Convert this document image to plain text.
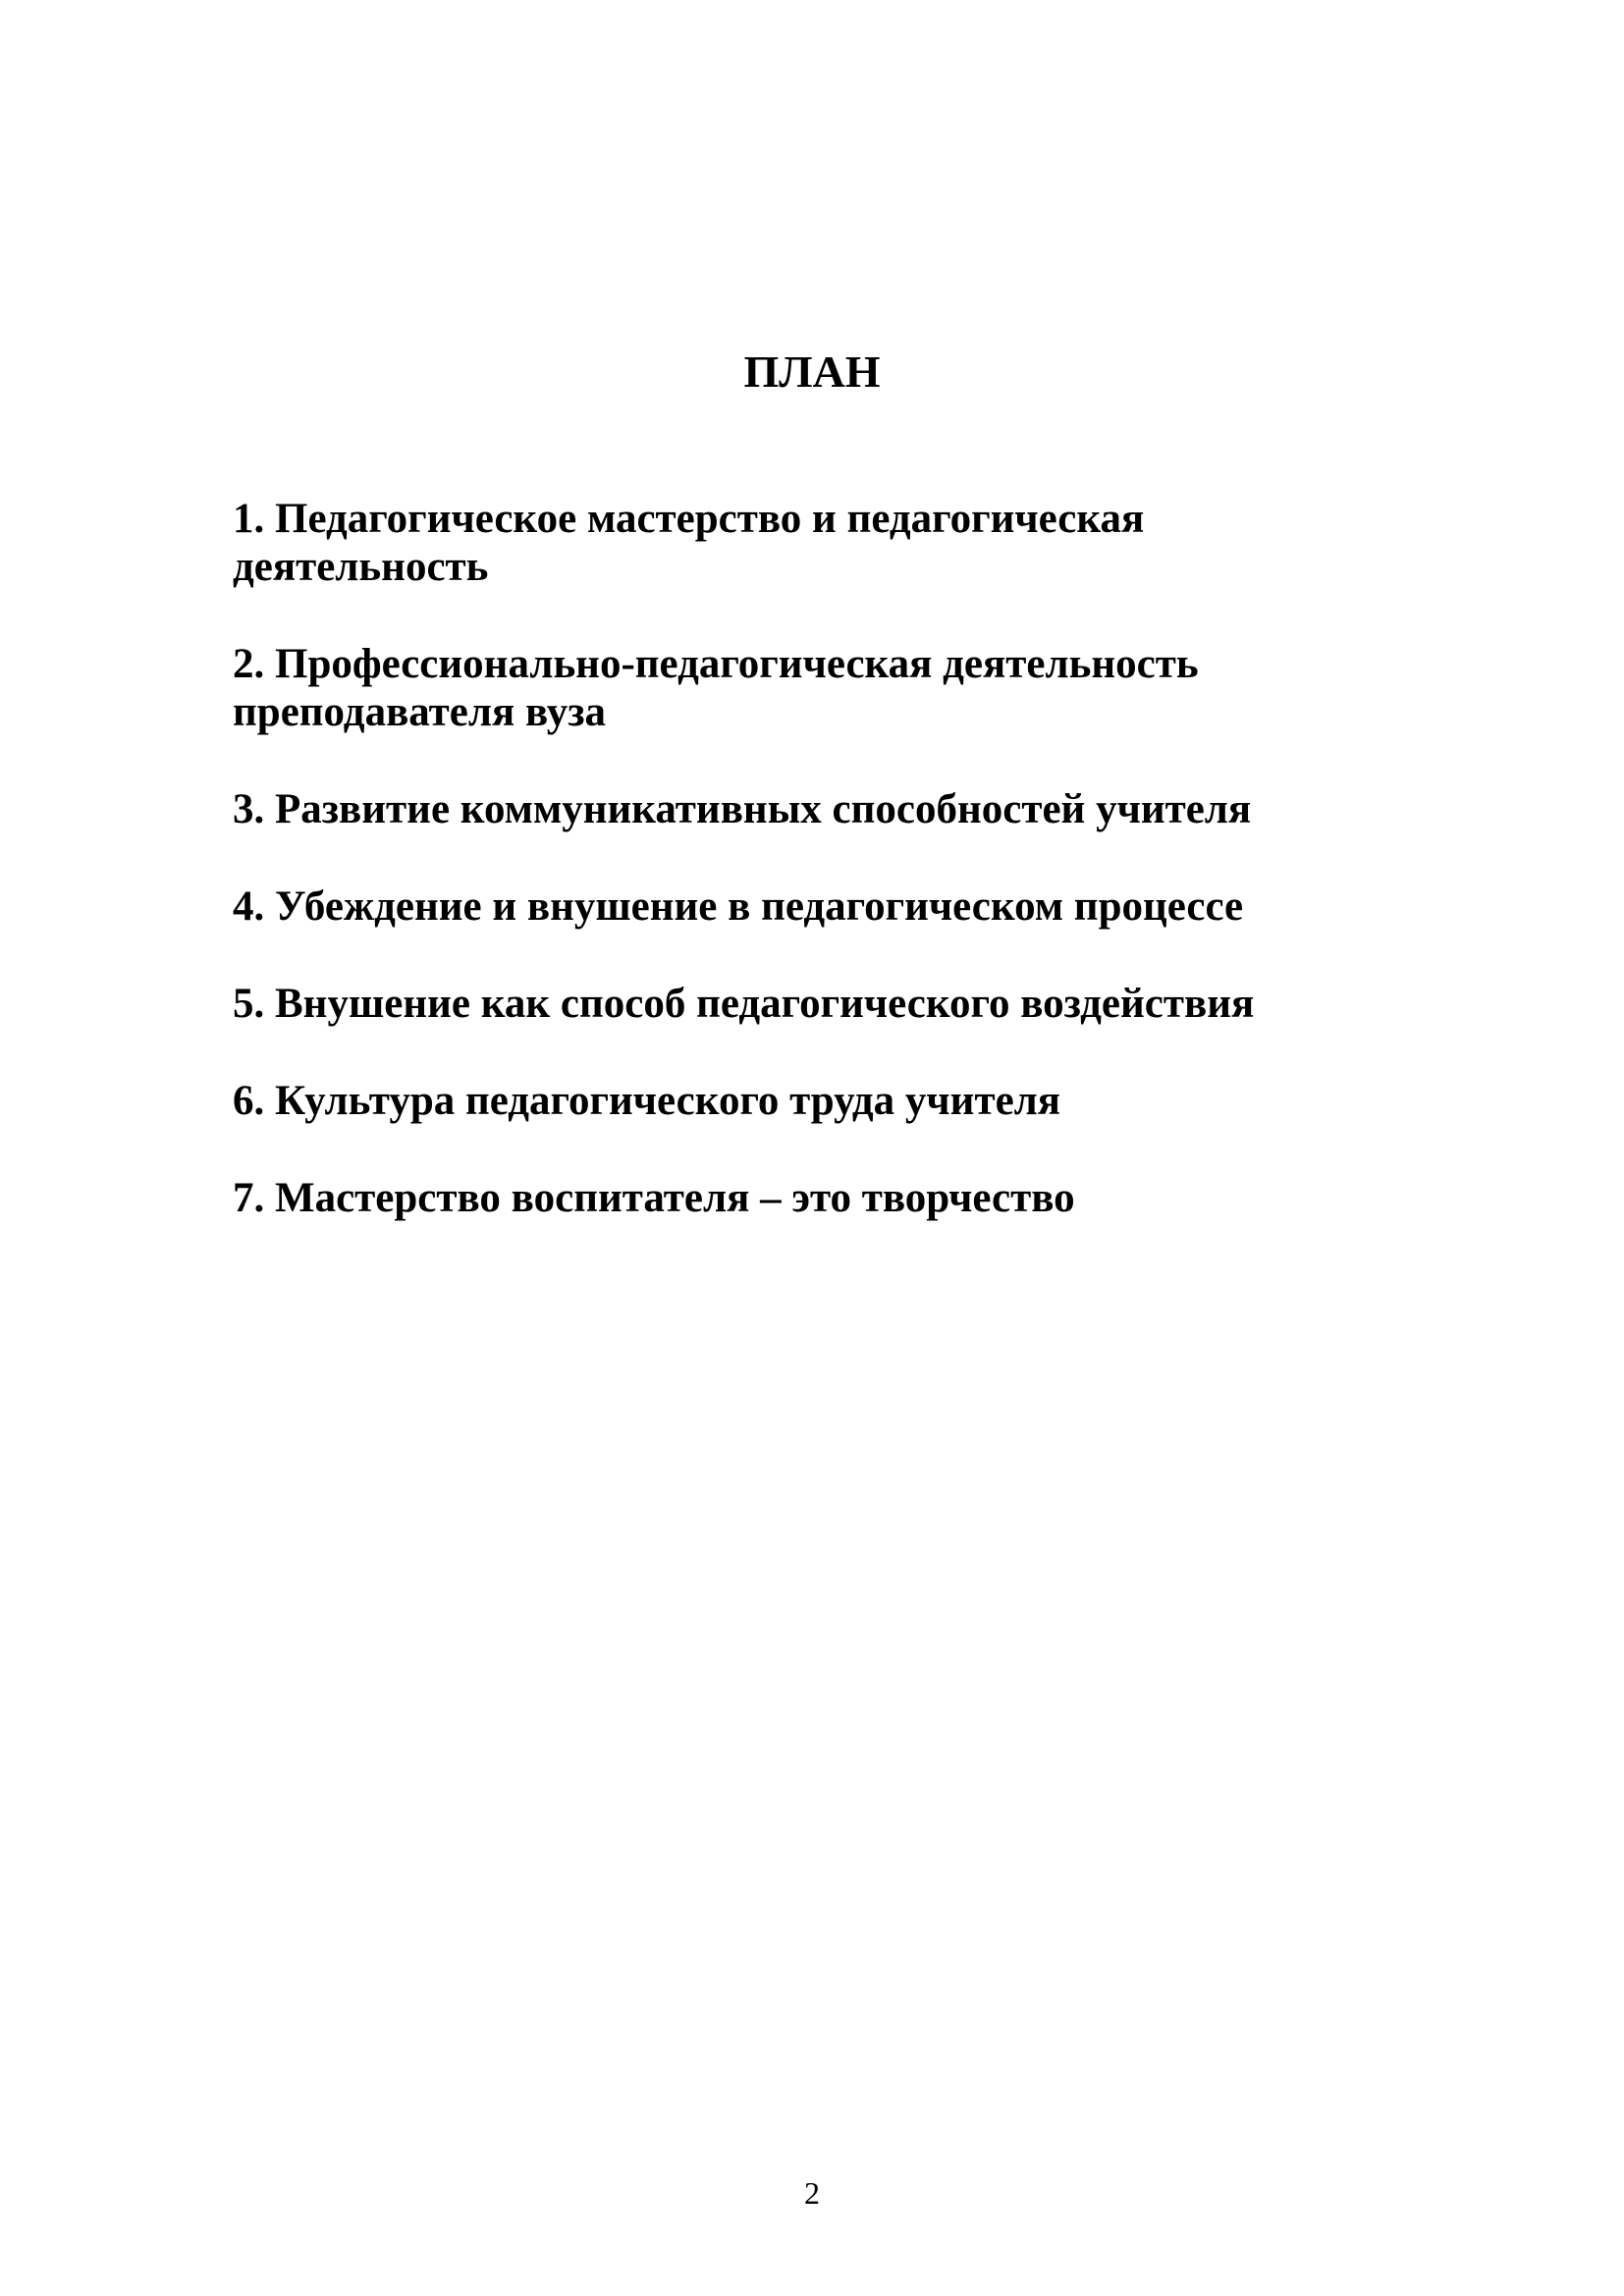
ПЛАН
1. Педагогическое мастерство и педагогическая
деятельность
2. Профессионально-педагогическая деятельность
преподавателя вуза
3. Развитие коммуникативных способностей учителя
4. Убеждение и внушение в педагогическом процессе
5. Внушение как способ педагогического воздействия
6. Культура педагогического труда учителя
7. Мастерство воспитателя – это творчество
2
